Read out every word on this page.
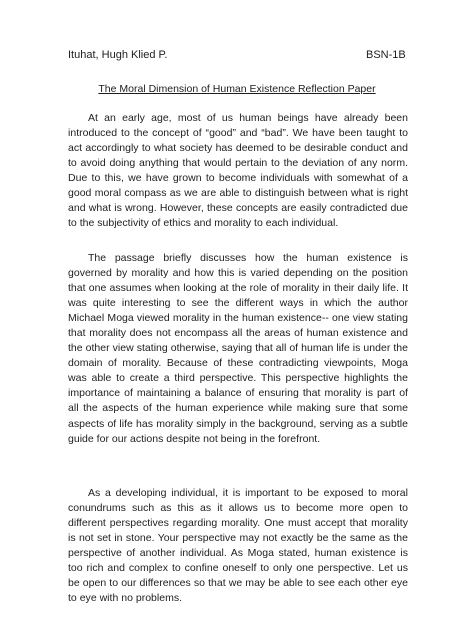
Ituhat, Hugh Klied P.	BSN-1B
The Moral Dimension of Human Existence Reflection Paper

At an early age, most of us human beings have already been introduced to the concept of “good” and “bad”. We have been taught to act accordingly to what society has deemed to be desirable conduct and to avoid doing anything that would pertain to the deviation of any norm. Due to this, we have grown to become individuals with somewhat of a good moral compass as we are able to distinguish between what is right and what is wrong. However, these concepts are easily contradicted due to the subjectivity of ethics and morality to each individual.

The passage briefly discusses how the human existence is governed by morality and how this is varied depending on the position that one assumes when looking at the role of morality in their daily life. It was quite interesting to see the different ways in which the author Michael Moga viewed morality in the human existence-- one view stating that morality does not encompass all the areas of human existence and the other view stating otherwise, saying that all of human life is under the domain of morality. Because of these contradicting viewpoints, Moga was able to create a third perspective. This perspective highlights the importance of maintaining a balance of ensuring that morality is part of all the aspects of the human experience while making sure that some aspects of life has morality simply in the background, serving as a subtle guide for our actions despite not being in the forefront.

As a developing individual, it is important to be exposed to moral conundrums such as this as it allows us to become more open to different perspectives regarding morality. One must accept that morality is not set in stone. Your perspective may not exactly be the same as the perspective of another individual. As Moga stated, human existence is too rich and complex to confine oneself to only one perspective. Let us be open to our differences so that we may be able to see each other eye to eye with no problems.
